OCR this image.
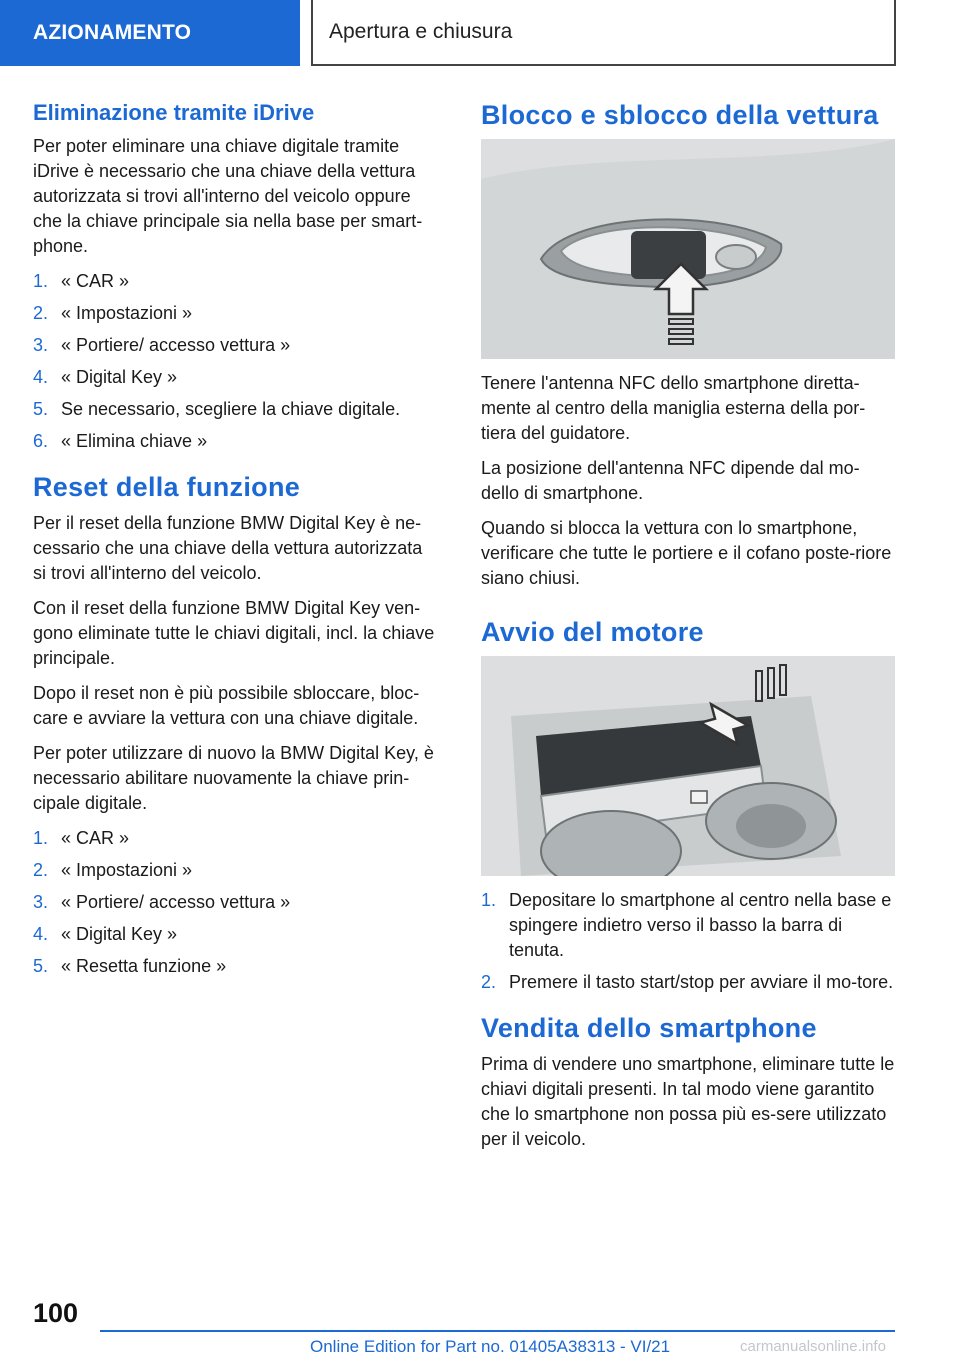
AZIONAMENTO	Apertura e chiusura
Eliminazione tramite iDrive

Per poter eliminare una chiave digitale tramite iDrive è necessario che una chiave della vettura autorizzata si trovi all'interno del veicolo oppure che la chiave principale sia nella base per smart-phone.

1. « CAR »
2. « Impostazioni »
3. « Portiere/ accesso vettura »
4. « Digital Key »
5. Se necessario, scegliere la chiave digitale.
6. « Elimina chiave »
Reset della funzione

Per il reset della funzione BMW Digital Key è ne-cessario che una chiave della vettura autorizzata si trovi all'interno del veicolo.

Con il reset della funzione BMW Digital Key ven-gono eliminate tutte le chiavi digitali, incl. la chiave principale.

Dopo il reset non è più possibile sbloccare, bloc-care e avviare la vettura con una chiave digitale.

Per poter utilizzare di nuovo la BMW Digital Key, è necessario abilitare nuovamente la chiave prin-cipale digitale.

1. « CAR »
2. « Impostazioni »
3. « Portiere/ accesso vettura »
4. « Digital Key »
5. « Resetta funzione »
Blocco e sblocco della vettura

Tenere l'antenna NFC dello smartphone diretta-mente al centro della maniglia esterna della por-tiera del guidatore.

La posizione dell'antenna NFC dipende dal mo-dello di smartphone.

Quando si blocca la vettura con lo smartphone, verificare che tutte le portiere e il cofano poste-riore siano chiusi.

Avvio del motore
1. Depositare lo smartphone al centro nella base e spingere indietro verso il basso la barra di tenuta.
2. Premere il tasto start/stop per avviare il mo-tore.
Vendita dello smartphone

Prima di vendere uno smartphone, eliminare tutte le chiavi digitali presenti. In tal modo viene garantito che lo smartphone non possa più es-sere utilizzato per il veicolo.

100
Online Edition for Part no. 01405A38313 - VI/21	carmanualsonline.info
